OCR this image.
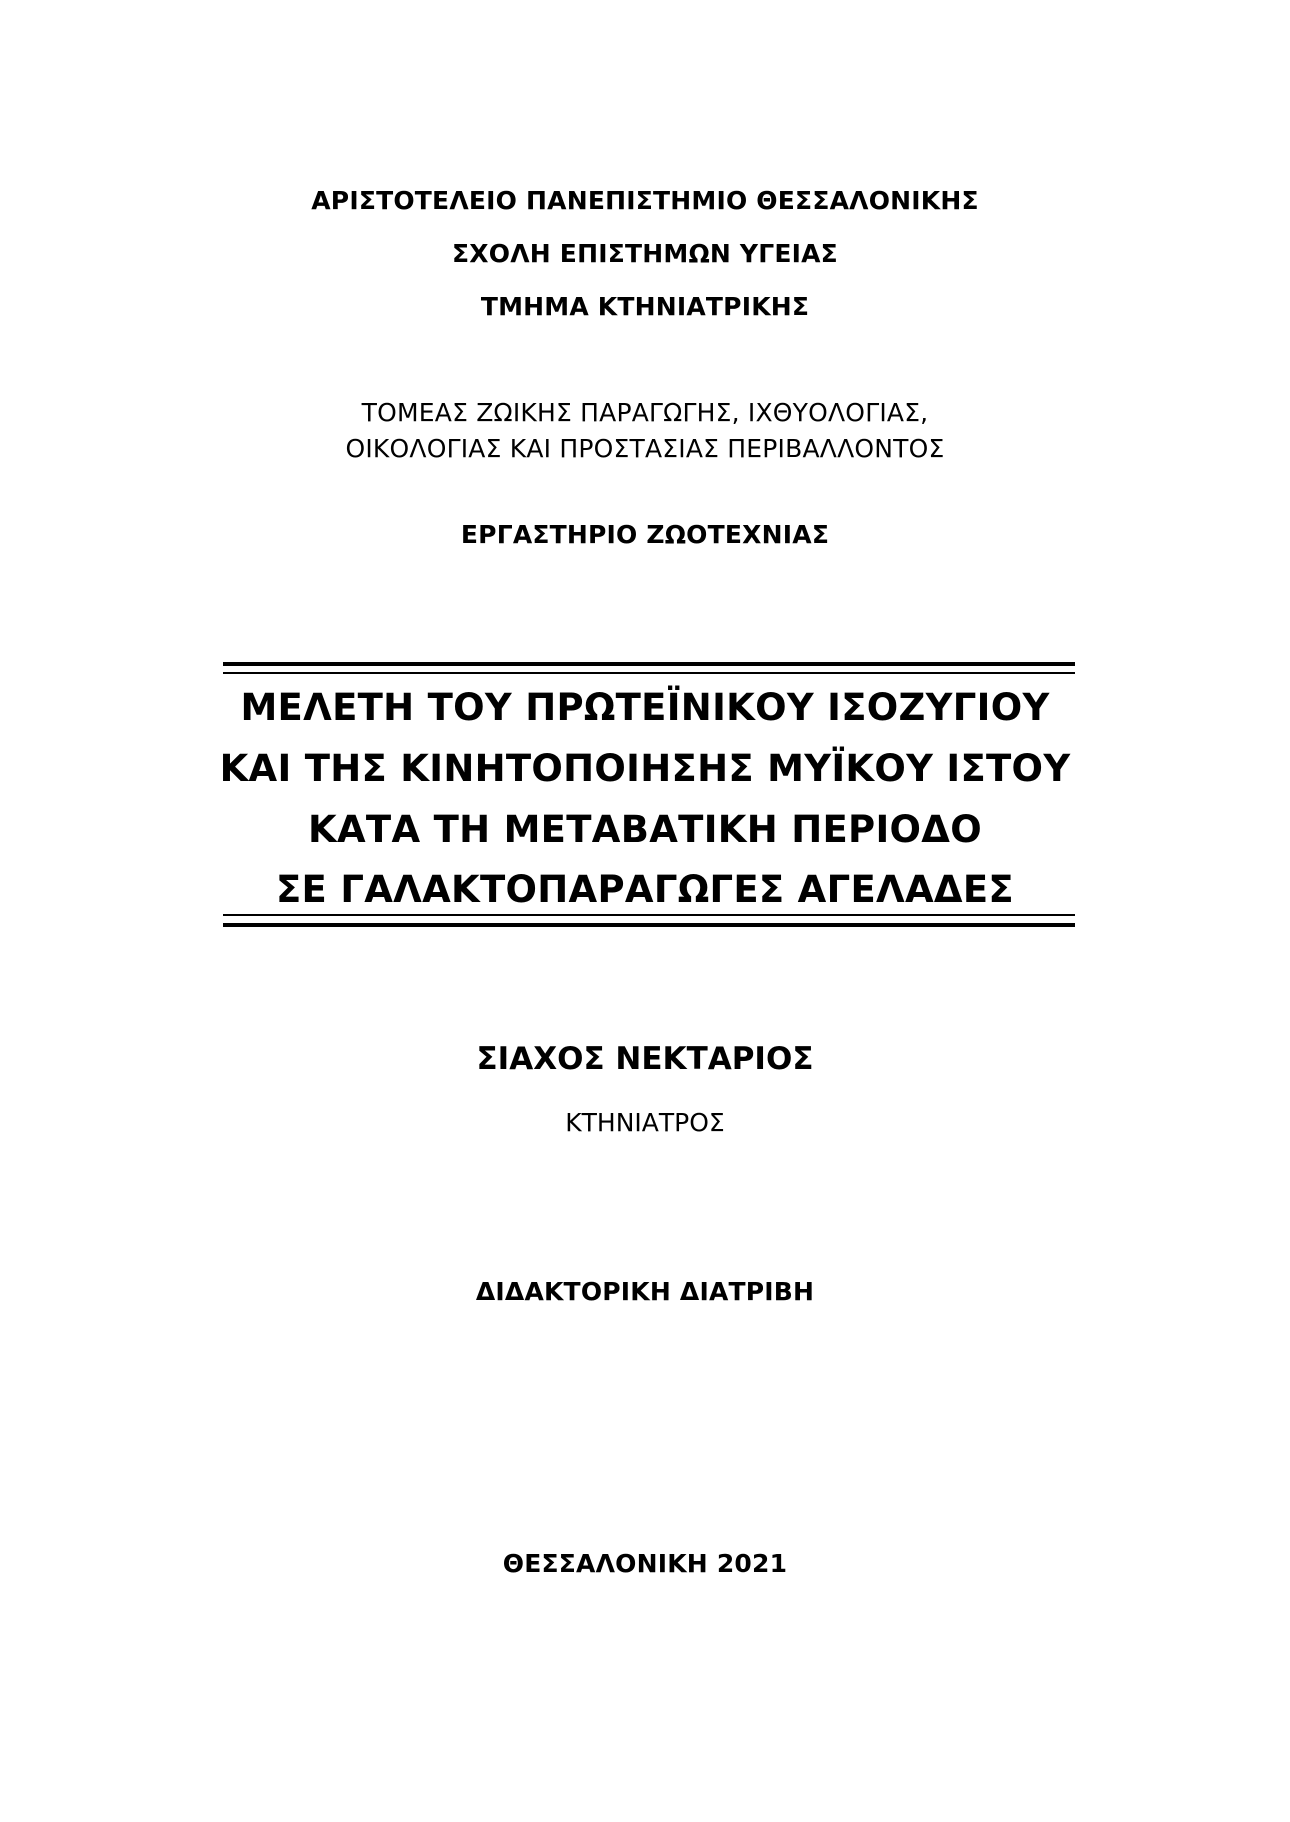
ΑΡΙΣΤΟΤΕΛΕΙΟ ΠΑΝΕΠΙΣΤΗΜΙΟ ΘΕΣΣΑΛΟΝΙΚΗΣ
ΣΧΟΛΗ ΕΠΙΣΤΗΜΩΝ ΥΓΕΙΑΣ
ΤΜΗΜΑ ΚΤΗΝΙΑΤΡΙΚΗΣ
ΤΟΜΕΑΣ ΖΩΙΚΗΣ ΠΑΡΑΓΩΓΗΣ, ΙΧΘΥΟΛΟΓΙΑΣ,
ΟΙΚΟΛΟΓΙΑΣ ΚΑΙ ΠΡΟΣΤΑΣΙΑΣ ΠΕΡΙΒΑΛΛΟΝΤΟΣ
ΕΡΓΑΣΤΗΡΙΟ ΖΩΟΤΕΧΝΙΑΣ
ΜΕΛΕΤΗ ΤΟΥ ΠΡΩΤΕΪΝΙΚΟΥ ΙΣΟΖΥΓΙΟΥ
ΚΑΙ ΤΗΣ ΚΙΝΗΤΟΠΟΙΗΣΗΣ ΜΥΪΚΟΥ ΙΣΤΟΥ
ΚΑΤΑ ΤΗ ΜΕΤΑΒΑΤΙΚΗ ΠΕΡΙΟΔΟ
ΣΕ ΓΑΛΑΚΤΟΠΑΡΑΓΩΓΕΣ ΑΓΕΛΑΔΕΣ
ΣΙΑΧΟΣ ΝΕΚΤΑΡΙΟΣ
ΚΤΗΝΙΑΤΡΟΣ
ΔΙΔΑΚΤΟΡΙΚΗ ΔΙΑΤΡΙΒΗ
ΘΕΣΣΑΛΟΝΙΚΗ 2021
